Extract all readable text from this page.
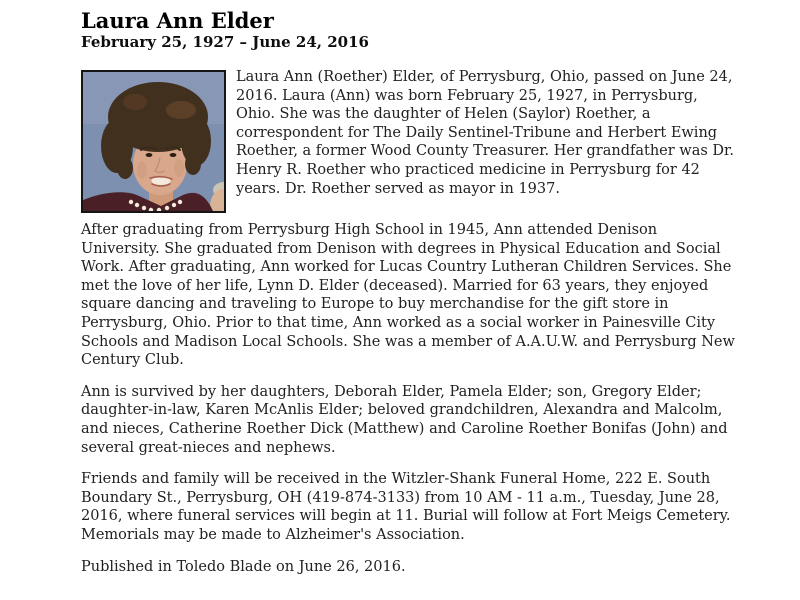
Laura Ann Elder
February 25, 1927 – June 24, 2016

Laura Ann (Roether) Elder, of Perrysburg, Ohio, passed on June 24, 2016. Laura (Ann) was born February 25, 1927, in Perrysburg, Ohio. She was the daughter of Helen (Saylor) Roether, a correspondent for The Daily Sentinel-Tribune and Herbert Ewing Roether, a former Wood County Treasurer. Her grandfather was Dr. Henry R. Roether who practiced medicine in Perrysburg for 42 years. Dr. Roether served as mayor in 1937.

After graduating from Perrysburg High School in 1945, Ann attended Denison University. She graduated from Denison with degrees in Physical Education and Social Work. After graduating, Ann worked for Lucas Country Lutheran Children Services. She met the love of her life, Lynn D. Elder (deceased). Married for 63 years, they enjoyed square dancing and traveling to Europe to buy merchandise for the gift store in Perrysburg, Ohio. Prior to that time, Ann worked as a social worker in Painesville City Schools and Madison Local Schools. She was a member of A.A.U.W. and Perrysburg New Century Club.

Ann is survived by her daughters, Deborah Elder, Pamela Elder; son, Gregory Elder; daughter-in-law, Karen McAnlis Elder; beloved grandchildren, Alexandra and Malcolm, and nieces, Catherine Roether Dick (Matthew) and Caroline Roether Bonifas (John) and several great-nieces and nephews.

Friends and family will be received in the Witzler-Shank Funeral Home, 222 E. South Boundary St., Perrysburg, OH (419-874-3133) from 10 AM - 11 a.m., Tuesday, June 28, 2016, where funeral services will begin at 11. Burial will follow at Fort Meigs Cemetery. Memorials may be made to Alzheimer's Association.

Published in Toledo Blade on June 26, 2016.
